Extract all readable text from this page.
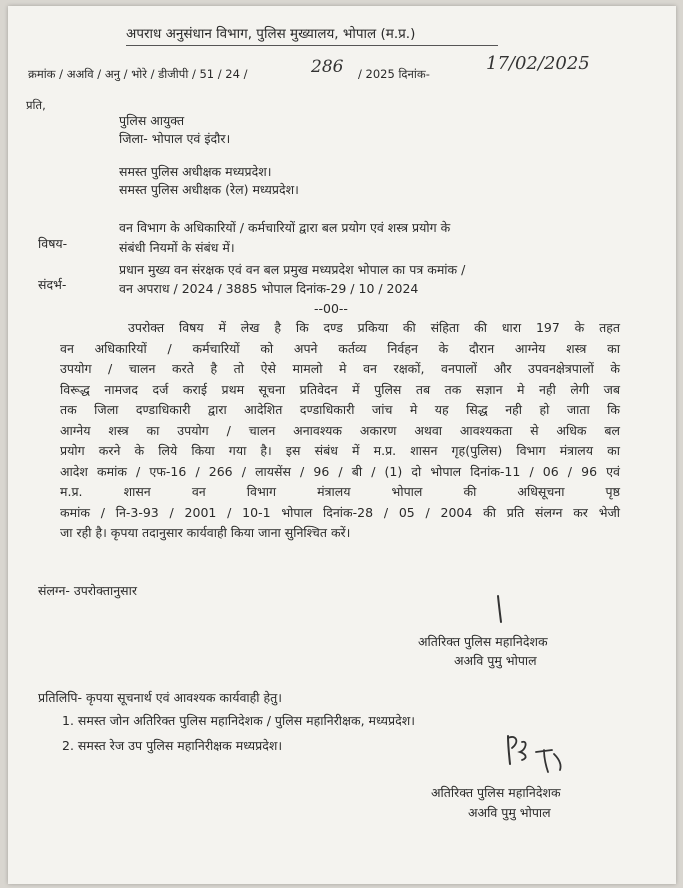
अपराध अनुसंधान विभाग, पुलिस मुख्यालय, भोपाल (म.प्र.)
क्रमांक / अअवि / अनु / भोरे / डीजीपी / 51 / 24 /	286 / 2025 दिनांक-	17/02/2025
प्रति,
पुलिस आयुक्त
जिला- भोपाल एवं इंदौर।
समस्त पुलिस अधीक्षक मध्यप्रदेश।
समस्त पुलिस अधीक्षक (रेल) मध्यप्रदेश।
विषय-
वन विभाग के अधिकारियों / कर्मचारियों द्वारा बल प्रयोग एवं शस्त्र प्रयोग के
संबंधी नियमों के संबंध में।
संदर्भ-
प्रधान मुख्य वन संरक्षक एवं वन बल प्रमुख मध्यप्रदेश भोपाल का पत्र कमांक /
वन अपराध / 2024 / 3885 भोपाल दिनांक-29 / 10 / 2024
--00--
उपरोक्त विषय में लेख है कि दण्ड प्रकिया की संहिता की धारा 197 के तहत
वन अधिकारियों / कर्मचारियों को अपने कर्तव्य निर्वहन के दौरान आग्नेय शस्त्र का
उपयोग / चालन करते है तो ऐसे मामलो मे वन रक्षकों, वनपालों और उपवनक्षेत्रपालों के
विरूद्ध नामजद दर्ज कराई प्रथम सूचना प्रतिवेदन में पुलिस तब तक सज्ञान मे नही लेगी जब
तक जिला दण्डाधिकारी द्वारा आदेशित दण्डाधिकारी जांच मे यह सिद्ध नही हो जाता कि
आग्नेय शस्त्र का उपयोग / चालन अनावश्यक अकारण अथवा आवश्यकता से अधिक बल
प्रयोग करने के लिये किया गया है। इस संबंध में म.प्र. शासन गृह(पुलिस) विभाग मंत्रालय का
आदेश कमांक / एफ-16 / 266 / लायसेंस / 96 / बी / (1) दो भोपाल दिनांक-11 / 06 / 96 एवं
म.प्र. शासन वन विभाग मंत्रालय भोपाल की अधिसूचना पृष्ठ
कमांक / नि-3-93 / 2001 / 10-1 भोपाल दिनांक-28 / 05 / 2004 की प्रति संलग्न कर भेजी
जा रही है। कृपया तदानुसार कार्यवाही किया जाना सुनिश्चित करें।
संलग्न- उपरोक्तानुसार
अतिरिक्त पुलिस महानिदेशक
अअवि पुमु भोपाल
प्रतिलिपि- कृपया सूचनार्थ एवं आवश्यक कार्यवाही हेतु।
1. समस्त जोन अतिरिक्त पुलिस महानिदेशक / पुलिस महानिरीक्षक, मध्यप्रदेश।
2. समस्त रेज उप पुलिस महानिरीक्षक मध्यप्रदेश।
अतिरिक्त पुलिस महानिदेशक
अअवि पुमु भोपाल
